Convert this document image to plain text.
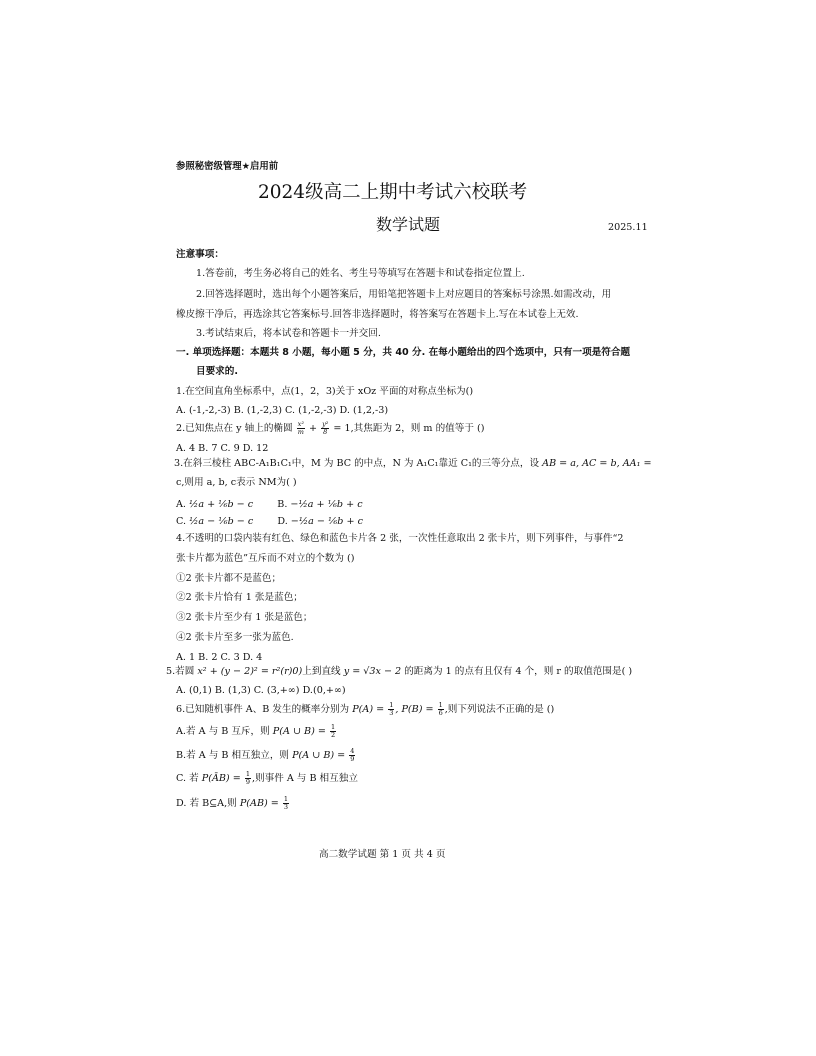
参照秘密级管理★启用前
2024级高二上期中考试六校联考
数学试题	2025.11
注意事项：
1.答卷前，考生务必将自己的姓名、考生号等填写在答题卡和试卷指定位置上.
2.回答选择题时，选出每个小题答案后，用铅笔把答题卡上对应题目的答案标号涂黑.如需改动，用
橡皮擦干净后，再选涂其它答案标号.回答非选择题时，将答案写在答题卡上.写在本试卷上无效.
3.考试结束后，将本试卷和答题卡一并交回.
一. 单项选择题：本题共 8 小题，每小题 5 分，共 40 分. 在每小题给出的四个选项中，只有一项是符合题
目要求的.
1.在空间直角坐标系中，点(1，2，3)关于 xOz 平面的对称点坐标为()
A. (-1,-2,-3) B. (1,-2,3) C. (1,-2,-3) D. (1,2,-3)
2.已知焦点在 y 轴上的椭圆 $\frac{\text{x²}}{m} + \frac{\text{y²}}{8} = 1$,其焦距为 2，则 m 的值等于 ()
A. 4 B. 7 C. 9 D. 12
3.在斜三棱柱 ABC-A₁B₁C₁中，M 为 BC 的中点，N 为 A₁C₁靠近 C₁的三等分点，设 AB = a, AC = b, AA₁ =
c,则用 a, b, c表示 NM为( )
A. ½a + ⅙b − c	B. −½a + ⅙b + c
C. ½a − ⅙b − c	D. −½a − ⅙b + c
4.不透明的口袋内装有红色、绿色和蓝色卡片各 2 张，一次性任意取出 2 张卡片，则下列事件，与事件“2
张卡片都为蓝色”互斥而不对立的个数为 ()
①2 张卡片都不是蓝色；
②2 张卡片恰有 1 张是蓝色；
③2 张卡片至少有 1 张是蓝色；
④2 张卡片至多一张为蓝色.
A. 1 B. 2 C. 3 D. 4
5.若圆 x² + (y − 2)² = r²(r)0)上到直线 y = √3x − 2 的距离为 1 的点有且仅有 4 个，则 r 的取值范围是( )
A. (0,1) B. (1,3) C. (3,+∞) D.(0,+∞)
6.已知随机事件 A、B 发生的概率分别为 $P(A) = \frac{1}{3}$ , $P(B) = \frac{1}{6}$ ,则下列说法不正确的是 ()
A.若 A 与 B 互斥，则 P(A ∪ $B) = \frac{1}{2}$
B.若 A 与 B 相互独立，则 P(A ∪ $B) = \frac{4}{9}$
C. 若 P(ĀB) = $\frac{1}{9}$ ,则事件 A 与 B 相互独立
D. 若 B⊆A,则 $P(AB) = \frac{1}{3}$
高二数学试题 第 1 页 共 4 页
